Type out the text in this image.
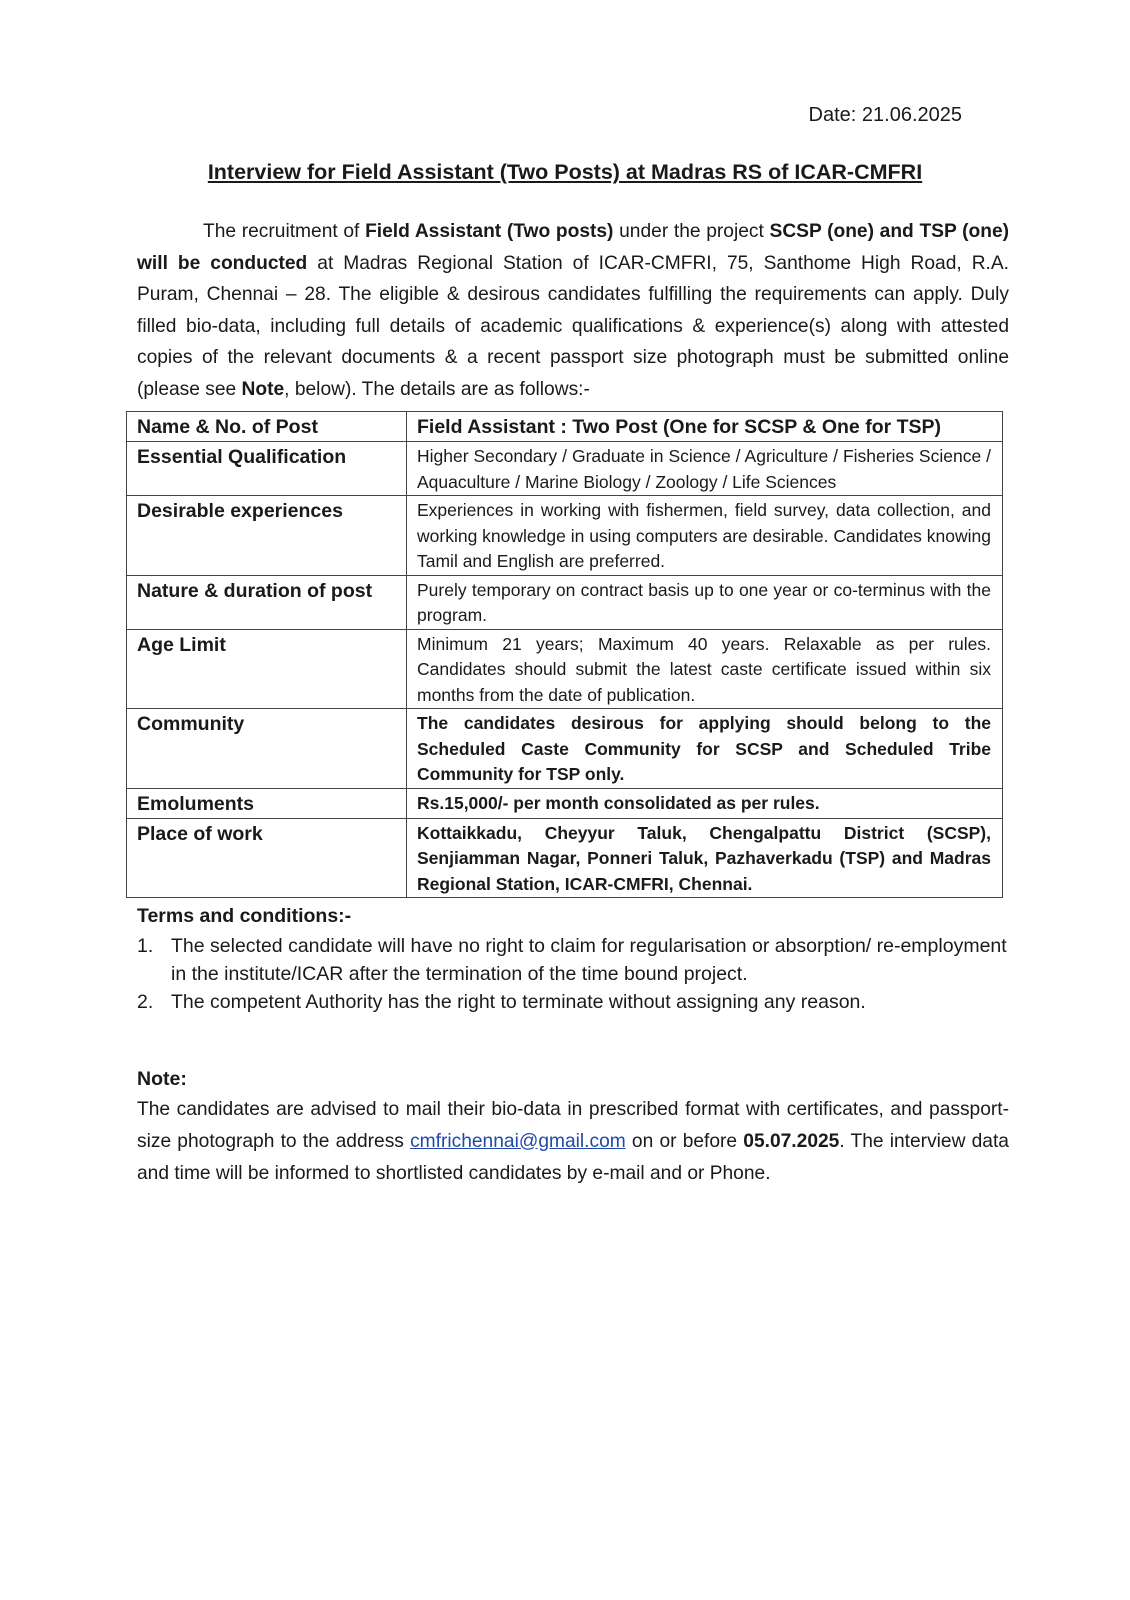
Date: 21.06.2025
Interview for Field Assistant (Two Posts) at Madras RS of ICAR-CMFRI

The recruitment of Field Assistant (Two posts) under the project SCSP (one) and TSP (one) will be conducted at Madras Regional Station of ICAR-CMFRI, 75, Santhome High Road, R.A. Puram, Chennai – 28. The eligible & desirous candidates fulfilling the requirements can apply. Duly filled bio-data, including full details of academic qualifications & experience(s) along with attested copies of the relevant documents & a recent passport size photograph must be submitted online (please see Note, below). The details are as follows:-

Name & No. of Post	Field Assistant : Two Post (One for SCSP & One for TSP)
Essential Qualification	Higher Secondary / Graduate in Science / Agriculture / Fisheries Science / Aquaculture / Marine Biology / Zoology / Life Sciences
Desirable experiences	Experiences in working with fishermen, field survey, data collection, and working knowledge in using computers are desirable. Candidates knowing Tamil and English are preferred.
Nature & duration of post	Purely temporary on contract basis up to one year or co-terminus with the program.
Age Limit	Minimum 21 years; Maximum 40 years. Relaxable as per rules. Candidates should submit the latest caste certificate issued within six months from the date of publication.
Community	The candidates desirous for applying should belong to the Scheduled Caste Community for SCSP and Scheduled Tribe Community for TSP only.
Emoluments	Rs.15,000/- per month consolidated as per rules.
Place of work	Kottaikkadu, Cheyyur Taluk, Chengalpattu District (SCSP), Senjiamman Nagar, Ponneri Taluk, Pazhaverkadu (TSP) and Madras Regional Station, ICAR-CMFRI, Chennai.
Terms and conditions:-
1. The selected candidate will have no right to claim for regularisation or absorption/ re-employment in the institute/ICAR after the termination of the time bound project.
2. The competent Authority has the right to terminate without assigning any reason.
Note:

The candidates are advised to mail their bio-data in prescribed format with certificates, and passport-size photograph to the address cmfrichennai@gmail.com on or before 05.07.2025. The interview data and time will be informed to shortlisted candidates by e-mail and or Phone.
